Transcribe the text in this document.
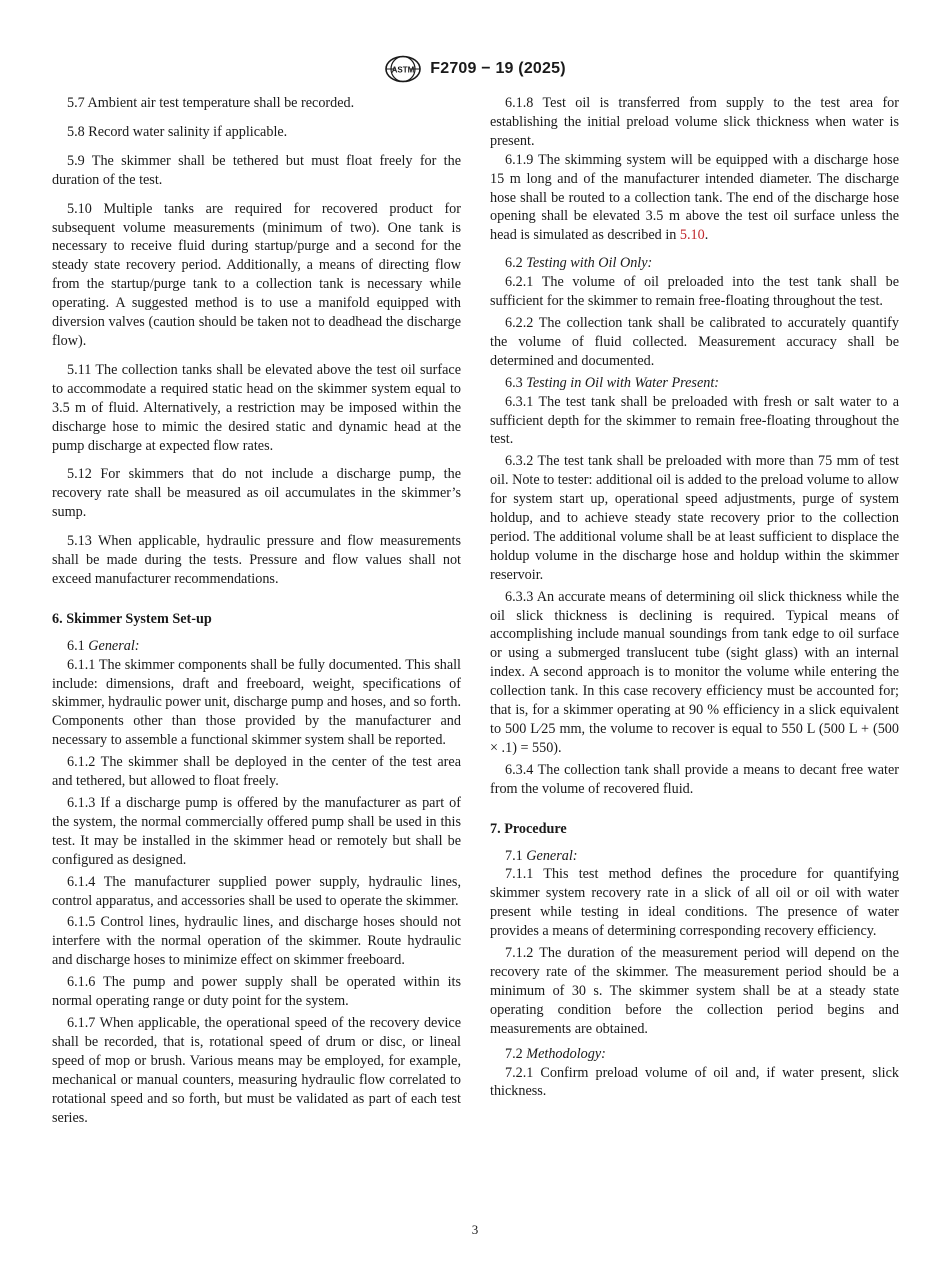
ASTM F2709 − 19 (2025)

5.7 Ambient air test temperature shall be recorded.

5.8 Record water salinity if applicable.

5.9 The skimmer shall be tethered but must float freely for the duration of the test.

5.10 Multiple tanks are required for recovered product for subsequent volume measurements (minimum of two). One tank is necessary to receive fluid during startup/purge and a second for the steady state recovery period. Additionally, a means of directing flow from the startup/purge tank to a collection tank is necessary while operating. A suggested method is to use a manifold equipped with diversion valves (caution should be taken not to deadhead the discharge flow).

5.11 The collection tanks shall be elevated above the test oil surface to accommodate a required static head on the skimmer system equal to 3.5 m of fluid. Alternatively, a restriction may be imposed within the discharge hose to mimic the desired static and dynamic head at the pump discharge at expected flow rates.

5.12 For skimmers that do not include a discharge pump, the recovery rate shall be measured as oil accumulates in the skimmer’s sump.

5.13 When applicable, hydraulic pressure and flow measurements shall be made during the tests. Pressure and flow values shall not exceed manufacturer recommendations.

6. Skimmer System Set-up

6.1 General:

6.1.1 The skimmer components shall be fully documented. This shall include: dimensions, draft and freeboard, weight, specifications of skimmer, hydraulic power unit, discharge pump and hoses, and so forth. Components other than those provided by the manufacturer and necessary to assemble a functional skimmer system shall be reported.

6.1.2 The skimmer shall be deployed in the center of the test area and tethered, but allowed to float freely.

6.1.3 If a discharge pump is offered by the manufacturer as part of the system, the normal commercially offered pump shall be used in this test. It may be installed in the skimmer head or remotely but shall be configured as designed.

6.1.4 The manufacturer supplied power supply, hydraulic lines, control apparatus, and accessories shall be used to operate the skimmer.

6.1.5 Control lines, hydraulic lines, and discharge hoses should not interfere with the normal operation of the skimmer. Route hydraulic and discharge hoses to minimize effect on skimmer freeboard.

6.1.6 The pump and power supply shall be operated within its normal operating range or duty point for the system.

6.1.7 When applicable, the operational speed of the recovery device shall be recorded, that is, rotational speed of drum or disc, or lineal speed of mop or brush. Various means may be employed, for example, mechanical or manual counters, measuring hydraulic flow correlated to rotational speed and so forth, but must be validated as part of each test series.

6.1.8 Test oil is transferred from supply to the test area for establishing the initial preload volume slick thickness when water is present.

6.1.9 The skimming system will be equipped with a discharge hose 15 m long and of the manufacturer intended diameter. The discharge hose shall be routed to a collection tank. The end of the discharge hose opening shall be elevated 3.5 m above the test oil surface unless the head is simulated as described in 5.10.

6.2 Testing with Oil Only:

6.2.1 The volume of oil preloaded into the test tank shall be sufficient for the skimmer to remain free-floating throughout the test.

6.2.2 The collection tank shall be calibrated to accurately quantify the volume of fluid collected. Measurement accuracy shall be determined and documented.

6.3 Testing in Oil with Water Present:

6.3.1 The test tank shall be preloaded with fresh or salt water to a sufficient depth for the skimmer to remain free-floating throughout the test.

6.3.2 The test tank shall be preloaded with more than 75 mm of test oil. Note to tester: additional oil is added to the preload volume to allow for system start up, operational speed adjustments, purge of system holdup, and to achieve steady state recovery prior to the collection period. The additional volume shall be at least sufficient to displace the holdup volume in the discharge hose and holdup within the skimmer reservoir.

6.3.3 An accurate means of determining oil slick thickness while the oil slick thickness is declining is required. Typical means of accomplishing include manual soundings from tank edge to oil surface or using a submerged translucent tube (sight glass) with an internal index. A second approach is to monitor the volume while entering the collection tank. In this case recovery efficiency must be accounted for; that is, for a skimmer operating at 90 % efficiency in a slick equivalent to 500 L⁄25 mm, the volume to recover is equal to 550 L (500 L + (500 × .1) = 550).

6.3.4 The collection tank shall provide a means to decant free water from the volume of recovered fluid.

7. Procedure

7.1 General:

7.1.1 This test method defines the procedure for quantifying skimmer system recovery rate in a slick of all oil or oil with water present while testing in ideal conditions. The presence of water provides a means of determining corresponding recovery efficiency.

7.1.2 The duration of the measurement period will depend on the recovery rate of the skimmer. The measurement period should be a minimum of 30 s. The skimmer system shall be at a steady state operating condition before the collection period begins and measurements are obtained.

7.2 Methodology:

7.2.1 Confirm preload volume of oil and, if water present, slick thickness.

3
